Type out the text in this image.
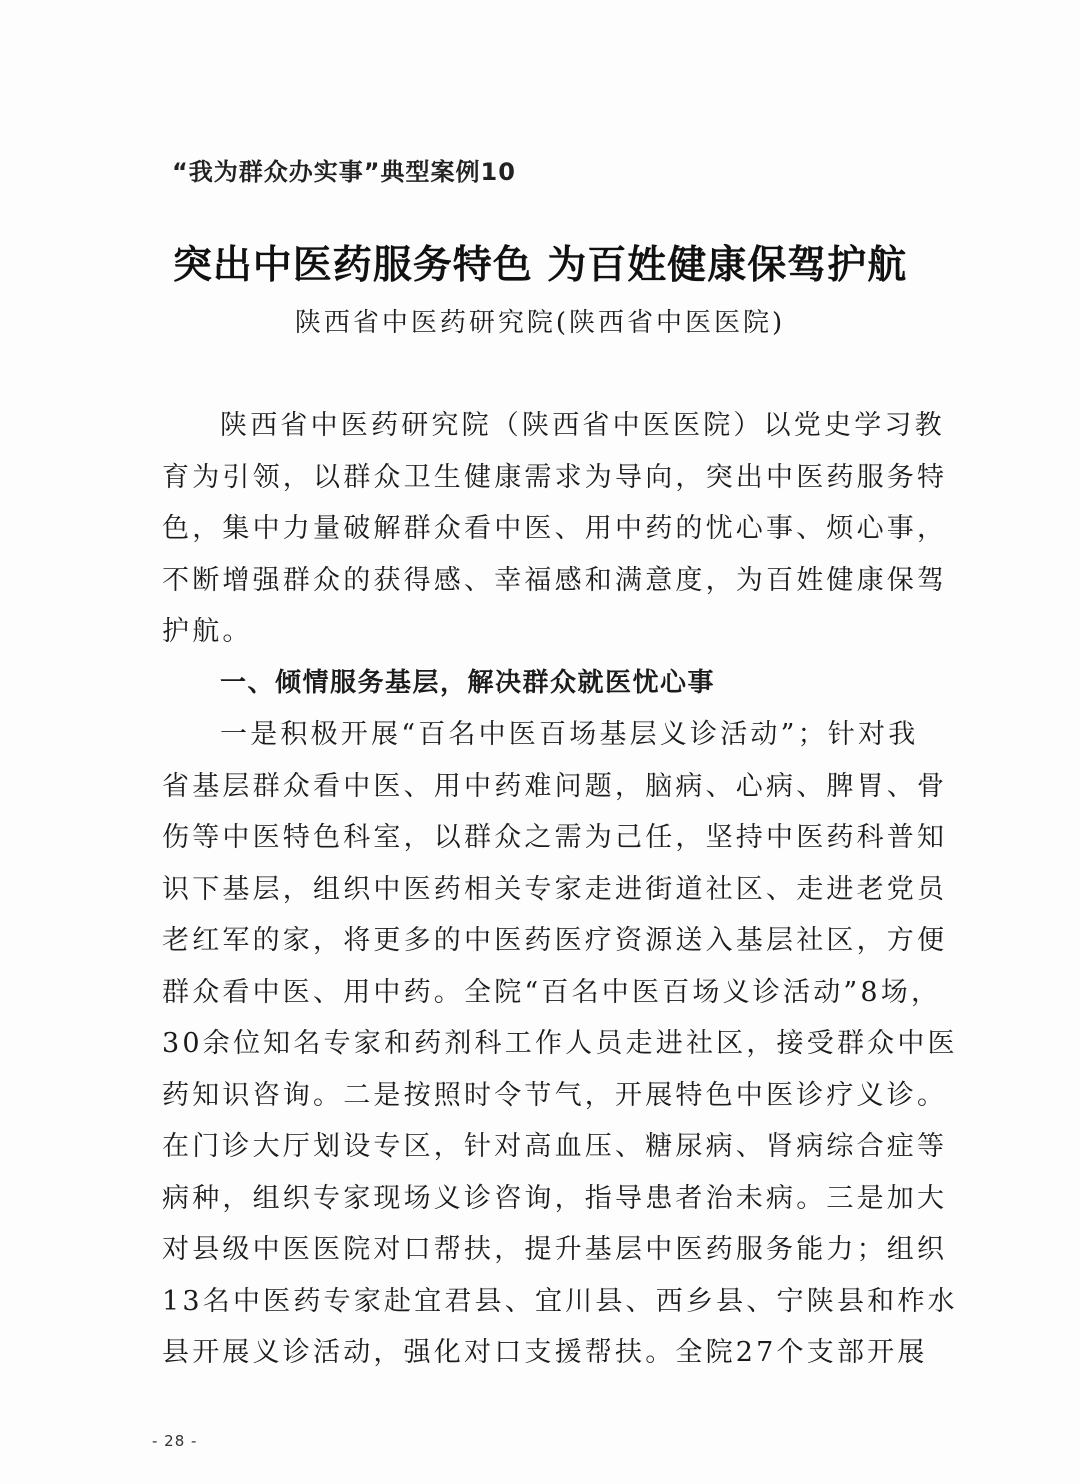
“我为群众办实事”典型案例10
突出中医药服务特色 为百姓健康保驾护航
陕西省中医药研究院(陕西省中医医院)
陕西省中医药研究院（陕西省中医医院）以党史学习教
育为引领，以群众卫生健康需求为导向，突出中医药服务特
色，集中力量破解群众看中医、用中药的忧心事、烦心事，
不断增强群众的获得感、幸福感和满意度，为百姓健康保驾
护航。
一、倾情服务基层，解决群众就医忧心事
一是积极开展“百名中医百场基层义诊活动”；针对我
省基层群众看中医、用中药难问题，脑病、心病、脾胃、骨
伤等中医特色科室，以群众之需为己任，坚持中医药科普知
识下基层，组织中医药相关专家走进街道社区、走进老党员
老红军的家，将更多的中医药医疗资源送入基层社区，方便
群众看中医、用中药。全院“百名中医百场义诊活动”8场，
30余位知名专家和药剂科工作人员走进社区，接受群众中医
药知识咨询。二是按照时令节气，开展特色中医诊疗义诊。
在门诊大厅划设专区，针对高血压、糖尿病、肾病综合症等
病种，组织专家现场义诊咨询，指导患者治未病。三是加大
对县级中医医院对口帮扶，提升基层中医药服务能力；组织
13名中医药专家赴宜君县、宜川县、西乡县、宁陕县和柞水
县开展义诊活动，强化对口支援帮扶。全院27个支部开展
- 28 -
